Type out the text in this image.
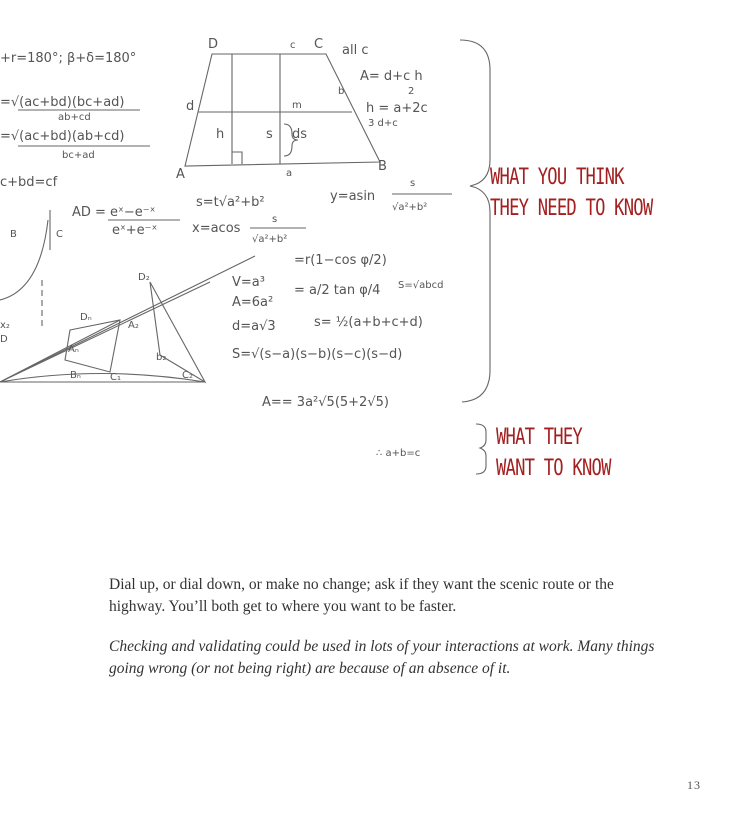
D	c C
d
b
m
h	s ds
A	a	B
B	C
D₂
Dₙ
A₂
Aₙ
b₂
Bₙ	C₁	C₂
x₂
D
+r=180°; β+δ=180°
=√(ac+bd)(bc+ad)
ab+cd
=√(ac+bd)(ab+cd)
bc+ad
c+bd=cf
AD = eˣ−e⁻ˣ
eˣ+e⁻ˣ
s=t√a²+b²
x=acos
s
√a²+b²
y=asin
s
√a²+b²
all c
A= d+c h
2
h = a+2c
3 d+c
=r(1−cos φ/2)
V=a³
A=6a²
= a/2 tan φ/4 S=√abcd
d=a√3	s= ½(a+b+c+d)
S=√(s−a)(s−b)(s−c)(s−d)
A== 3a²√5(5+2√5)
∴ a+b=c
WHAT YOU THINK
THEY NEED TO KNOW
WHAT THEY
WANT TO KNOW

Dial up, or dial down, or make no change; ask if they want the scenic route or the highway. You’ll both get to where you want to be faster.

Checking and validating could be used in lots of your interactions at work. Many things going wrong (or not being right) are because of an absence of it.

13
